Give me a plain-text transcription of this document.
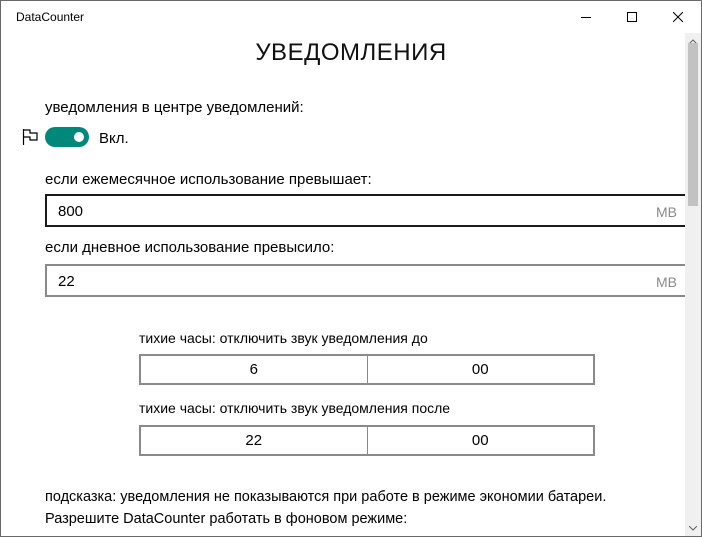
DataCounter
УВЕДОМЛЕНИЯ
уведомления в центре уведомлений:
Вкл.
если ежемесячное использование превышает:
800	MB
если дневное использование превысило:
22	MB
тихие часы: отключить звук уведомления до
6	00
тихие часы: отключить звук уведомления после
22	00
подсказка: уведомления не показываются при работе в режиме экономии батареи.
Разрешите DataCounter работать в фоновом режиме:
